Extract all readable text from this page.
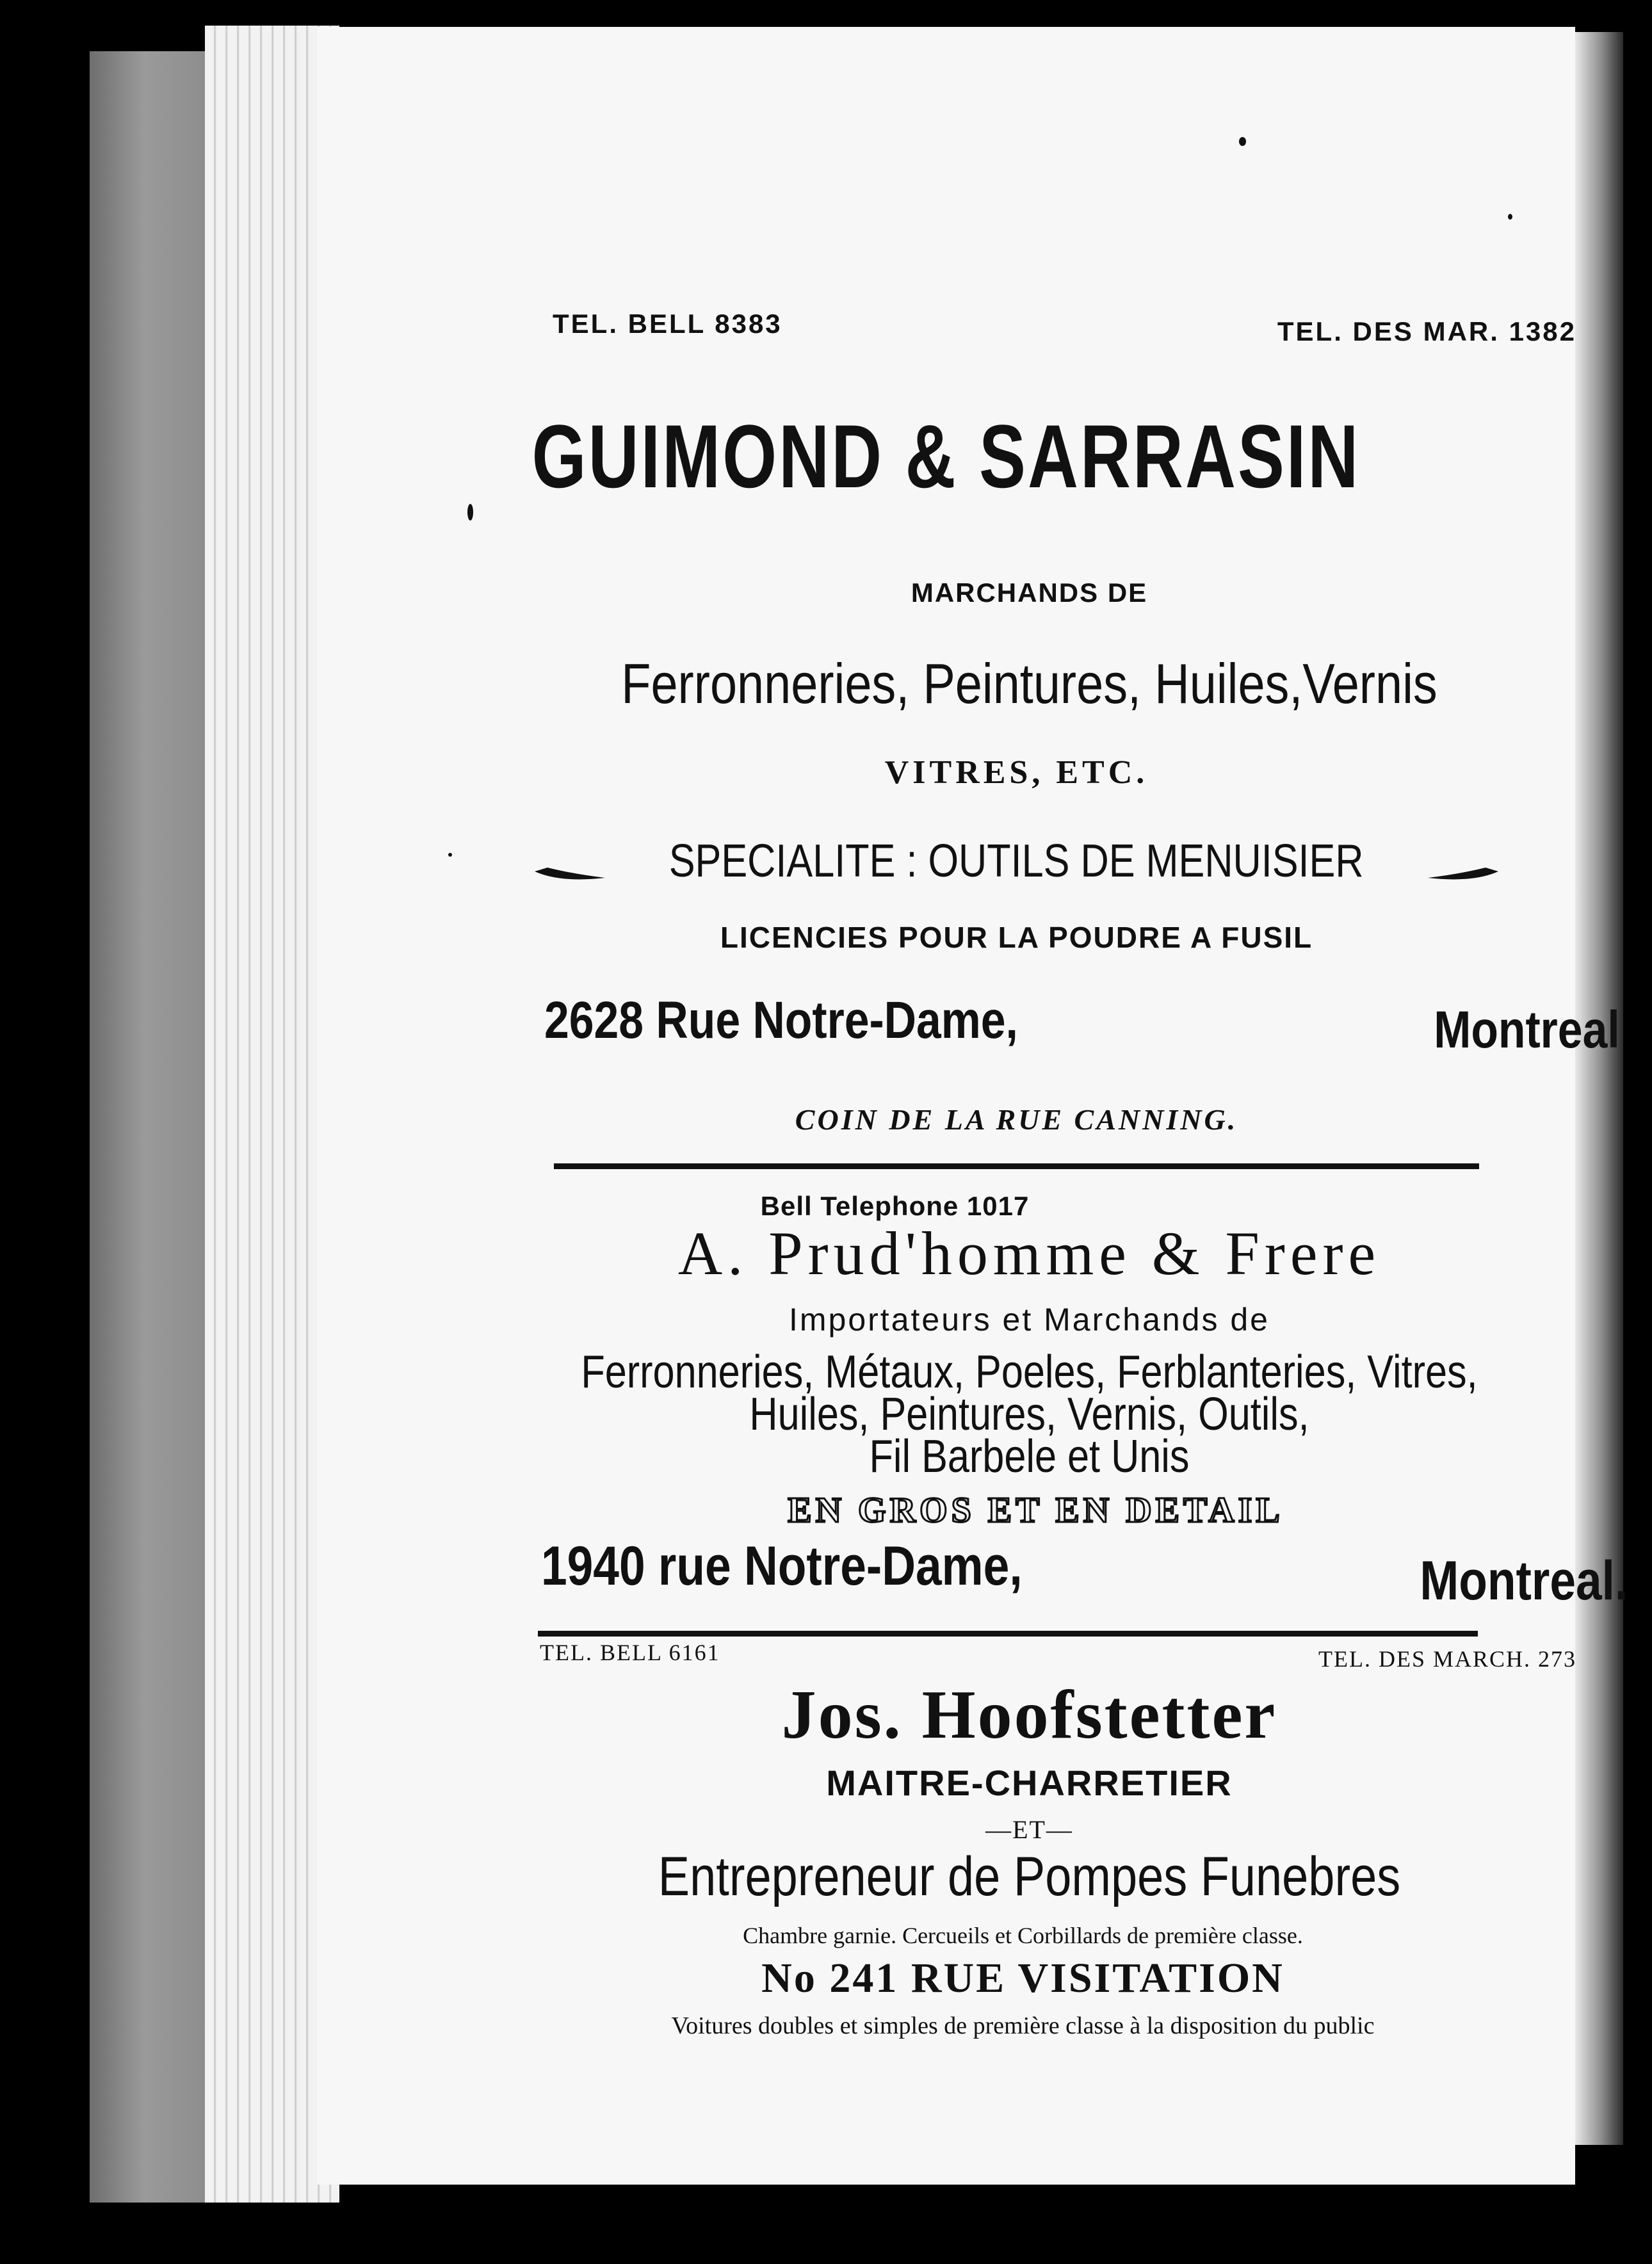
TEL. BELL 8383	TEL. DES MAR. 1382
GUIMOND & SARRASIN
MARCHANDS DE
Ferronneries, Peintures, Huiles,Vernis
VITRES, ETC.
SPECIALITE : OUTILS DE MENUISIER
LICENCIES POUR LA POUDRE A FUSIL
2628 Rue Notre-Dame,	Montreal
COIN DE LA RUE CANNING.
Bell Telephone 1017
A. Prud'homme & Frere
Importateurs et Marchands de
Ferronneries, Métaux, Poeles, Ferblanteries, Vitres,
Huiles, Peintures, Vernis, Outils,
Fil Barbele et Unis
EN GROS ET EN DETAIL
1940 rue Notre-Dame,	Montreal.
TEL. BELL 6161	TEL. DES MARCH. 273
Jos. Hoofstetter
MAITRE-CHARRETIER
—ET—
Entrepreneur de Pompes Funebres
Chambre garnie. Cercueils et Corbillards de première classe.
No 241 RUE VISITATION
Voitures doubles et simples de première classe à la disposition du public
